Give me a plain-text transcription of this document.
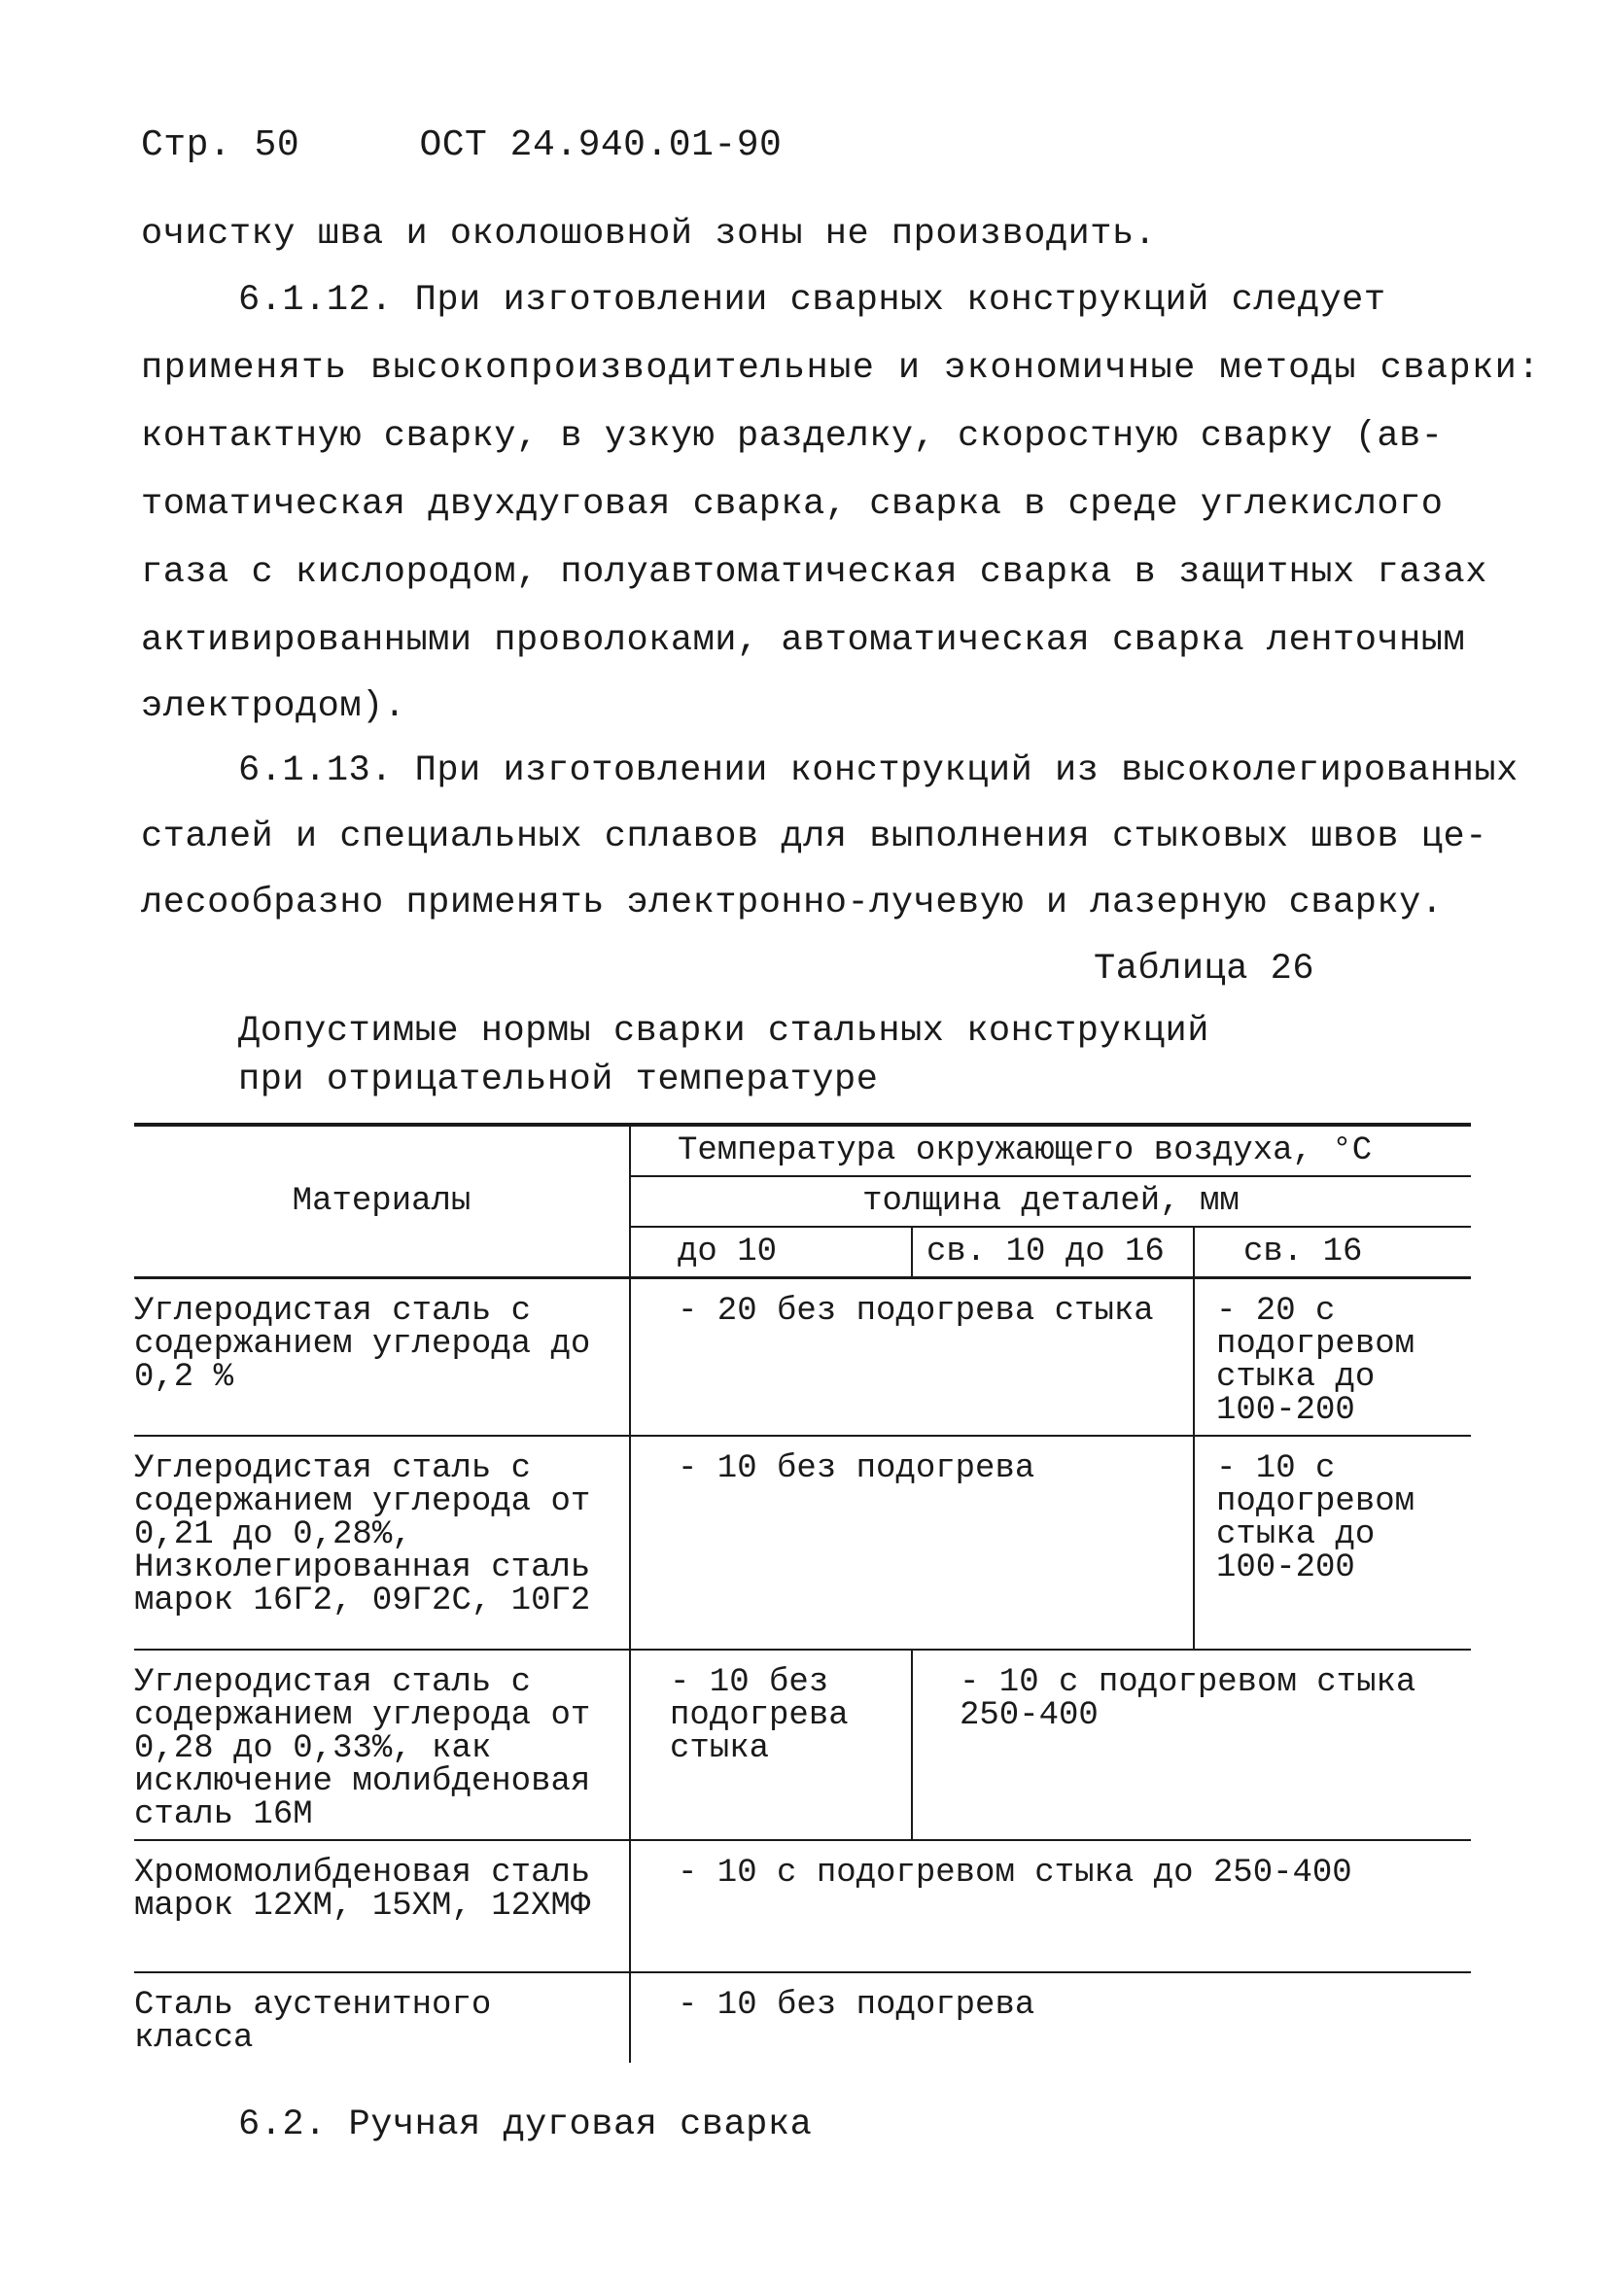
Стр. 50	ОСТ 24.940.01-90
очистку шва и околошовной зоны не производить.
6.1.12. При изготовлении сварных конструкций следует
применять высокопроизводительные и экономичные методы сварки:
контактную сварку, в узкую разделку, скоростную сварку (ав-
томатическая двухдуговая сварка, сварка в среде углекислого
газа с кислородом, полуавтоматическая сварка в защитных газах
активированными проволоками, автоматическая сварка ленточным
электродом).
6.1.13. При изготовлении конструкций из высоколегированных
сталей и специальных сплавов для выполнения стыковых швов це-
лесообразно применять электронно-лучевую и лазерную сварку.
Таблица 26
Допустимые нормы сварки стальных конструкций
при отрицательной температуре
Материалы	Температура окружающего воздуха, °С		
	толщина деталей, мм		
	до 10	св. 10 до 16	св. 16
Углеродистая сталь с содержанием углерода до 0,2 %	- 20 без подогрева стыка		- 20 с подогревом стыка до 100-200
Углеродистая сталь с содержанием углерода от 0,21 до 0,28%, Низколегированная сталь марок 16Г2, 09Г2С, 10Г2	- 10 без подогрева		- 10 с подогревом стыка до 100-200
Углеродистая сталь с содержанием углерода от 0,28 до 0,33%, как исключение молибденовая сталь 16М	- 10 без подогрева стыка	- 10 с подогревом стыка 250-400	
Хромомолибденовая сталь марок 12ХМ, 15ХМ, 12ХМФ	- 10 с подогревом стыка до 250-400		
Сталь аустенитного класса	- 10 без подогрева		
6.2. Ручная дуговая сварка
